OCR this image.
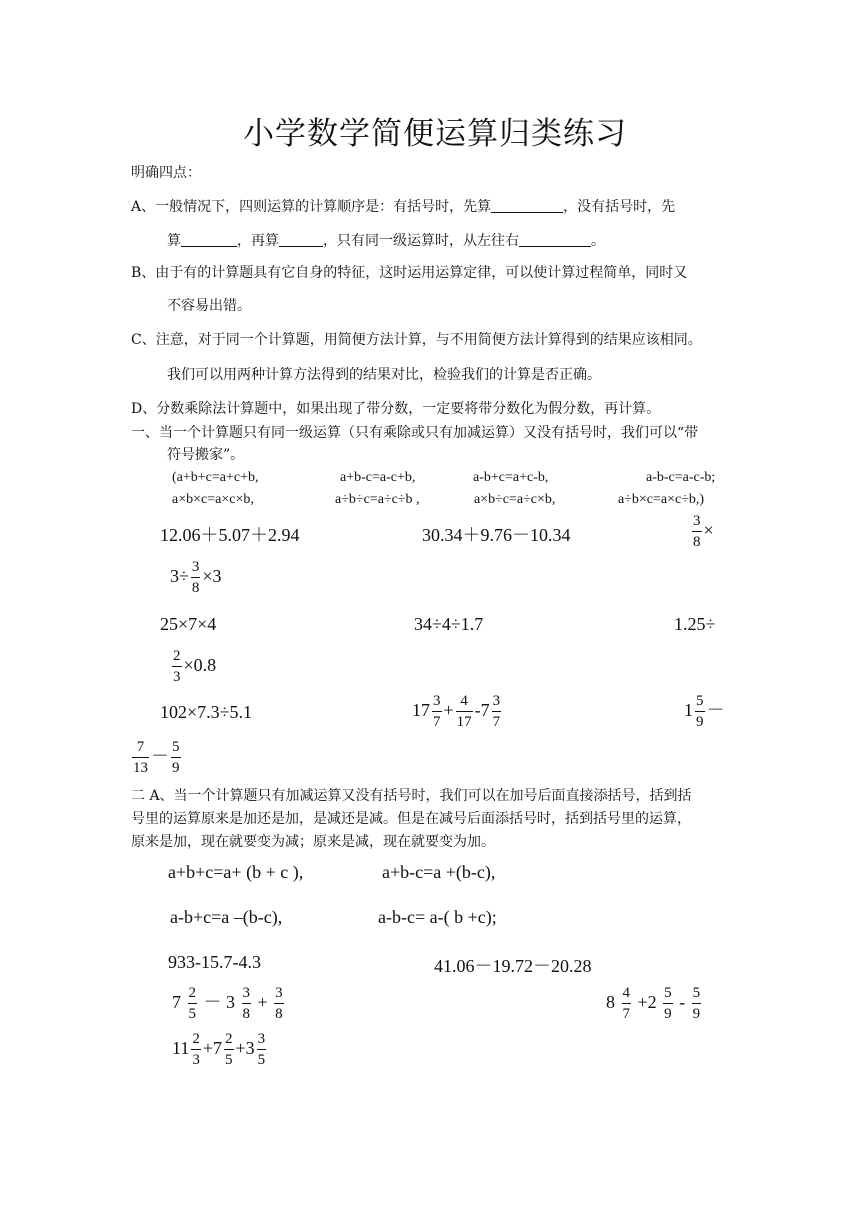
小学数学简便运算归类练习
明确四点：
A、一般情况下，四则运算的计算顺序是：有括号时，先算	，没有括号时，先
算	，再算	，只有同一级运算时，从左往右	。
B、由于有的计算题具有它自身的特征，这时运用运算定律，可以使计算过程简单，同时又
不容易出错。
C、注意，对于同一个计算题，用简便方法计算，与不用简便方法计算得到的结果应该相同。
我们可以用两种计算方法得到的结果对比，检验我们的计算是否正确。
D、分数乘除法计算题中，如果出现了带分数，一定要将带分数化为假分数，再计算。
一、当一个计算题只有同一级运算（只有乘除或只有加减运算）又没有括号时，我们可以“带
符号搬家”。
(a+b+c=a+c+b,	a+b-c=a-c+b,	a-b+c=a+c-b,	a-b-c=a-c-b;
a×b×c=a×c×b,	a÷b÷c=a÷c÷b ,	a×b÷c=a÷c×b,	a÷b×c=a×c÷b,)
12.06＋5.07＋2.94	30.34＋9.76－10.34	$\frac{3}{8}$ ×
$3\div \frac{3}{8} \times 3$
25×7×4	34÷4÷1.7	1.25÷
$\frac{2}{3} \times 0.8$
102×7.3÷5.1	$17 \frac{3}{7} + \frac{4}{17} -7 \frac{3}{7}$	$1 \frac{5}{9}$ －
$\frac{7}{13} - \frac{5}{9}$
二 A、当一个计算题只有加减运算又没有括号时，我们可以在加号后面直接添括号，括到括
号里的运算原来是加还是加，是减还是减。但是在减号后面添括号时，括到括号里的运算，
原来是加，现在就要变为减；原来是减，现在就要变为加。
a+b+c=a+ (b + c ),	a+b-c=a +(b-c),
a-b+c=a –(b-c),	a-b-c= a-( b +c);
933-15.7-4.3	41.06－19.72－20.28
$7 \frac{2}{5} - 3 \frac{3}{8} + \frac{3}{8}$	$8 \frac{4}{7} +2 \frac{5}{9} - \frac{5}{9}$
$11 \frac{2}{3} +7 \frac{2}{5} +3 \frac{3}{5}$
